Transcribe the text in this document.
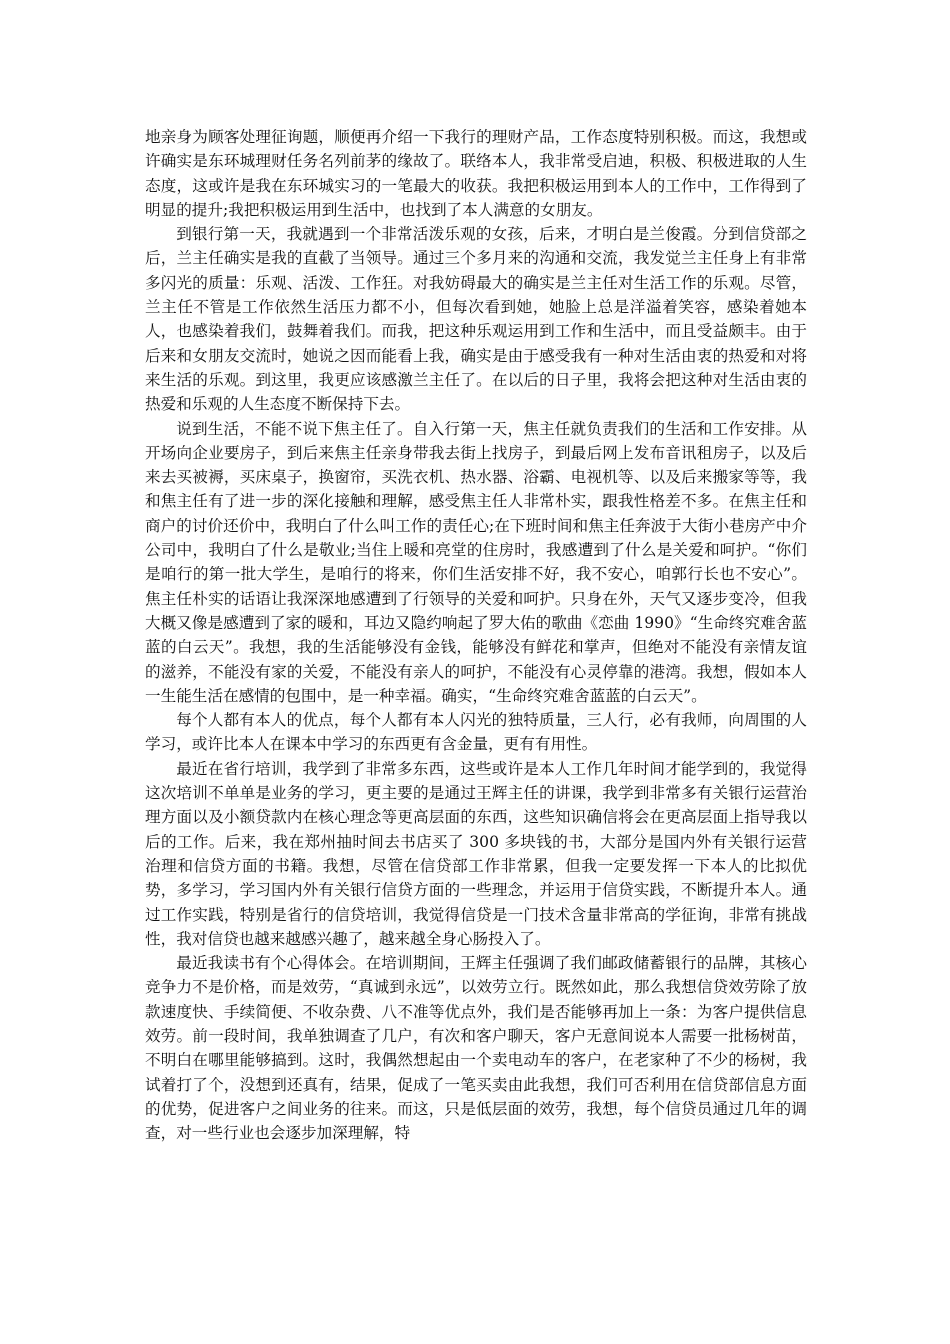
地亲身为顾客处理征询题，顺便再介绍一下我行的理财产品，工作态度特别积极。而这，我想或许确实是东环城理财任务名列前茅的缘故了。联络本人，我非常受启迪，积极、积极进取的人生态度，这或许是我在东环城实习的一笔最大的收获。我把积极运用到本人的工作中，工作得到了明显的提升;我把积极运用到生活中，也找到了本人满意的女朋友。

到银行第一天，我就遇到一个非常活泼乐观的女孩，后来，才明白是兰俊霞。分到信贷部之后，兰主任确实是我的直截了当领导。通过三个多月来的沟通和交流，我发觉兰主任身上有非常多闪光的质量：乐观、活泼、工作狂。对我妨碍最大的确实是兰主任对生活工作的乐观。尽管，兰主任不管是工作依然生活压力都不小，但每次看到她，她脸上总是洋溢着笑容，感染着她本人，也感染着我们，鼓舞着我们。而我，把这种乐观运用到工作和生活中，而且受益颇丰。由于后来和女朋友交流时，她说之因而能看上我，确实是由于感受我有一种对生活由衷的热爱和对将来生活的乐观。到这里，我更应该感激兰主任了。在以后的日子里，我将会把这种对生活由衷的热爱和乐观的人生态度不断保持下去。

说到生活，不能不说下焦主任了。自入行第一天，焦主任就负责我们的生活和工作安排。从开场向企业要房子，到后来焦主任亲身带我去街上找房子，到最后网上发布音讯租房子，以及后来去买被褥，买床桌子，换窗帘，买洗衣机、热水器、浴霸、电视机等、以及后来搬家等等，我和焦主任有了进一步的深化接触和理解，感受焦主任人非常朴实，跟我性格差不多。在焦主任和商户的讨价还价中，我明白了什么叫工作的责任心;在下班时间和焦主任奔波于大街小巷房产中介公司中，我明白了什么是敬业;当住上暖和亮堂的住房时，我感遭到了什么是关爱和呵护。“你们是咱行的第一批大学生，是咱行的将来，你们生活安排不好，我不安心，咱郭行长也不安心”。焦主任朴实的话语让我深深地感遭到了行领导的关爱和呵护。只身在外，天气又逐步变冷，但我大概又像是感遭到了家的暖和，耳边又隐约响起了罗大佑的歌曲《恋曲 1990》“生命终究难舍蓝蓝的白云天”。我想，我的生活能够没有金钱，能够没有鲜花和掌声，但绝对不能没有亲情友谊的滋养，不能没有家的关爱，不能没有亲人的呵护，不能没有心灵停靠的港湾。我想，假如本人一生能生活在感情的包围中，是一种幸福。确实，“生命终究难舍蓝蓝的白云天”。

每个人都有本人的优点，每个人都有本人闪光的独特质量，三人行，必有我师，向周围的人学习，或许比本人在课本中学习的东西更有含金量，更有有用性。

最近在省行培训，我学到了非常多东西，这些或许是本人工作几年时间才能学到的，我觉得这次培训不单单是业务的学习，更主要的是通过王辉主任的讲课，我学到非常多有关银行运营治理方面以及小额贷款内在核心理念等更高层面的东西，这些知识确信将会在更高层面上指导我以后的工作。后来，我在郑州抽时间去书店买了 300 多块钱的书，大部分是国内外有关银行运营治理和信贷方面的书籍。我想，尽管在信贷部工作非常累，但我一定要发挥一下本人的比拟优势，多学习，学习国内外有关银行信贷方面的一些理念，并运用于信贷实践，不断提升本人。通过工作实践，特别是省行的信贷培训，我觉得信贷是一门技术含量非常高的学征询，非常有挑战性，我对信贷也越来越感兴趣了，越来越全身心肠投入了。

最近我读书有个心得体会。在培训期间，王辉主任强调了我们邮政储蓄银行的品牌，其核心竞争力不是价格，而是效劳，“真诚到永远”，以效劳立行。既然如此，那么我想信贷效劳除了放款速度快、手续简便、不收杂费、八不准等优点外，我们是否能够再加上一条：为客户提供信息效劳。前一段时间，我单独调查了几户，有次和客户聊天，客户无意间说本人需要一批杨树苗，不明白在哪里能够搞到。这时，我偶然想起由一个卖电动车的客户，在老家种了不少的杨树，我试着打了个，没想到还真有，结果，促成了一笔买卖由此我想，我们可否利用在信贷部信息方面的优势，促进客户之间业务的往来。而这，只是低层面的效劳，我想，每个信贷员通过几年的调查，对一些行业也会逐步加深理解，特
